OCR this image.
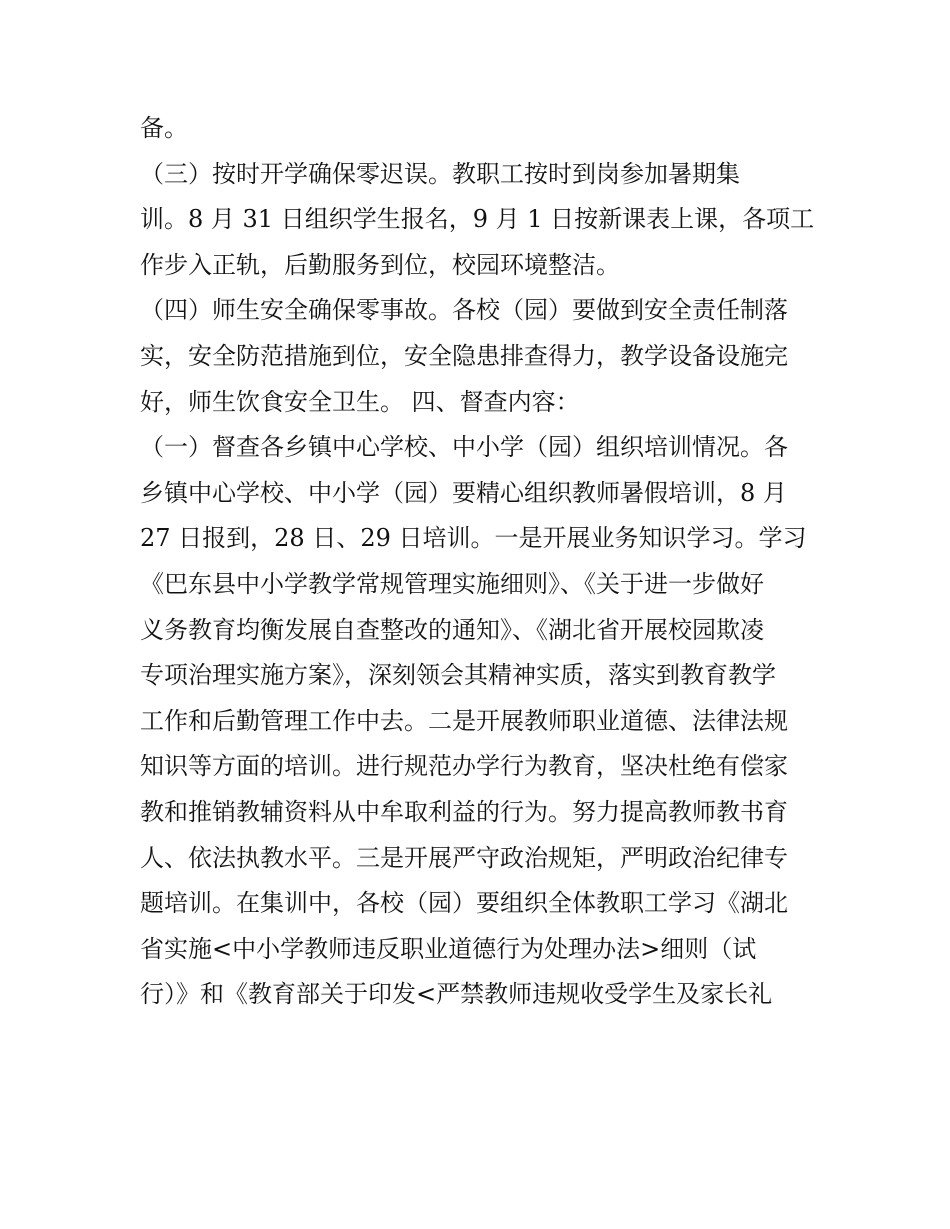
备。
（三）按时开学确保零迟误。教职工按时到岗参加暑期集
训。8 月 31 日组织学生报名，9 月 1 日按新课表上课，各项工
作步入正轨，后勤服务到位，校园环境整洁。
（四）师生安全确保零事故。各校（园）要做到安全责任制落
实，安全防范措施到位，安全隐患排查得力，教学设备设施完
好，师生饮食安全卫生。 四、督查内容：
（一）督查各乡镇中心学校、中小学（园）组织培训情况。各
乡镇中心学校、中小学（园）要精心组织教师暑假培训，8 月
27 日报到，28 日、29 日培训。一是开展业务知识学习。学习
《巴东县中小学教学常规管理实施细则》、《关于进一步做好
义务教育均衡发展自查整改的通知》、《湖北省开展校园欺凌
专项治理实施方案》，深刻领会其精神实质，落实到教育教学
工作和后勤管理工作中去。二是开展教师职业道德、法律法规
知识等方面的培训。进行规范办学行为教育，坚决杜绝有偿家
教和推销教辅资料从中牟取利益的行为。努力提高教师教书育
人、依法执教水平。三是开展严守政治规矩，严明政治纪律专
题培训。在集训中，各校（园）要组织全体教职工学习《湖北
省实施<中小学教师违反职业道德行为处理办法>细则（试
行）》和《教育部关于印发<严禁教师违规收受学生及家长礼
